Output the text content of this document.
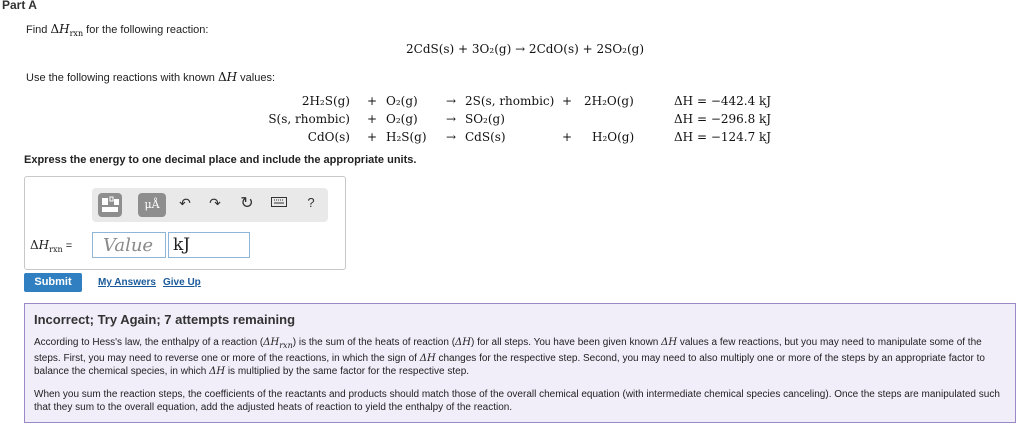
Part A
Find $\Delta H_{rxn}$ for the following reaction:
2CdS(s) + 3O₂(g) → 2CdO(s) + 2SO₂(g)
Use the following reactions with known ΔH values:
2H₂S(g) + O₂(g) → 2S(s, rhombic) + 2H₂O(g)	ΔH = −442.4 kJ
S(s, rhombic) + O₂(g) → SO₂(g)	ΔH = −296.8 kJ
CdO(s) + H₂S(g) → CdS(s)	+ H₂O(g)	ΔH = −124.7 kJ
Express the energy to one decimal place and include the appropriate units.
μÅ	↶ ↷ ↻	?
$\Delta H_{rxn}$ =
Value	kJ
Submit	My Answers Give Up
Incorrect; Try Again; 7 attempts remaining
According to Hess's law, the enthalpy of a reaction $(\Delta H_{rxn})$ is the sum of the heats of reaction (ΔH) for all steps. You have been given known ΔH values a few reactions, but you may need to manipulate some of the steps. First, you may need to reverse one or more of the reactions, in which the sign of ΔH changes for the respective step. Second, you may need to also multiply one or more of the steps by an appropriate factor to balance the chemical species, in which ΔH is multiplied by the same factor for the respective step.
When you sum the reaction steps, the coefficients of the reactants and products should match those of the overall chemical equation (with intermediate chemical species canceling). Once the steps are manipulated such that they sum to the overall equation, add the adjusted heats of reaction to yield the enthalpy of the reaction.
